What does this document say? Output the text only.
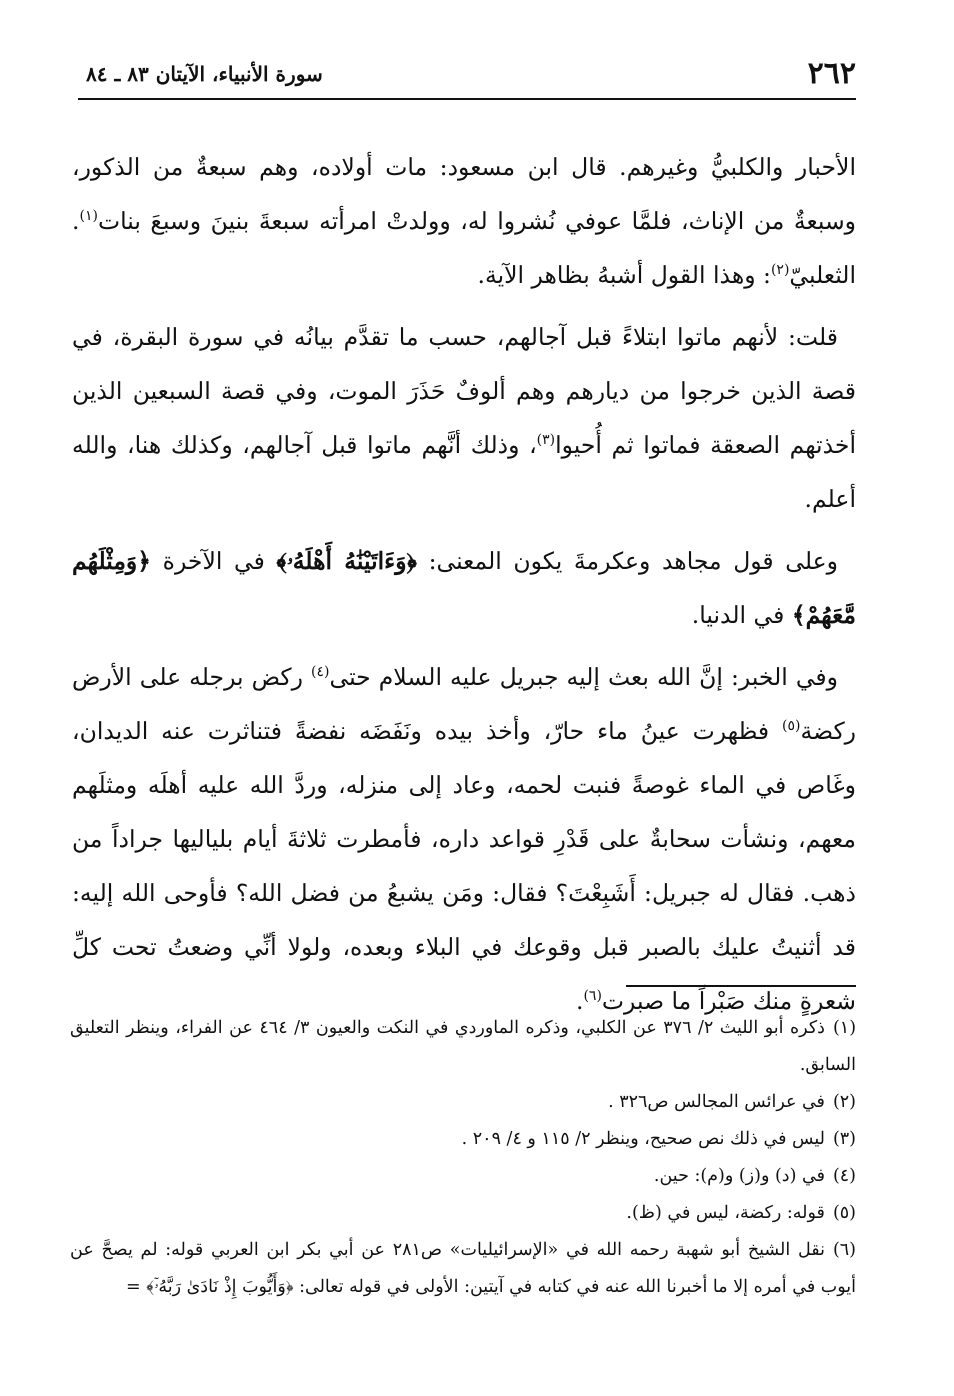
٢٦٢
سورة الأنبياء، الآيتان ٨٣ ـ ٨٤

الأحبار والكلبيُّ وغيرهم. قال ابن مسعود: مات أولاده، وهم سبعةٌ من الذكور، وسبعةٌ من الإناث، فلمَّا عوفي نُشروا له، وولدتْ امرأته سبعةَ بنينَ وسبعَ بنات$^{(١)}$. الثعلبيّ$^{(٢)}$: وهذا القول أشبهُ بظاهر الآية.

قلت: لأنهم ماتوا ابتلاءً قبل آجالهم، حسب ما تقدَّم بيانُه في سورة البقرة، في قصة الذين خرجوا من ديارهم وهم ألوفٌ حَذَرَ الموت، وفي قصة السبعين الذين أخذتهم الصعقة فماتوا ثم أُحيوا$^{(٣)}$، وذلك أنَّهم ماتوا قبل آجالهم، وكذلك هنا، والله أعلم.

وعلى قول مجاهد وعكرمةَ يكون المعنى: ﴿وَءَاتَيْنَٰهُ أَهْلَهُۥ﴾ في الآخرة ﴿وَمِثْلَهُم مَّعَهُمْ﴾ في الدنيا.

وفي الخبر: إنَّ الله بعث إليه جبريل عليه السلام حتى$^{(٤)}$ ركض برجله على الأرض ركضة$^{(٥)}$ فظهرت عينُ ماء حارّ، وأخذ بيده ونَفَضَه نفضةً فتناثرت عنه الديدان، وغَاص في الماء غوصةً فنبت لحمه، وعاد إلى منزله، وردَّ الله عليه أهلَه ومثلَهم معهم، ونشأت سحابةٌ على قَدْرِ قواعد داره، فأمطرت ثلاثةَ أيام بلياليها جراداً من ذهب. فقال له جبريل: أَشَبِعْتَ؟ فقال: ومَن يشبعُ من فضل الله؟ فأوحى الله إليه: قد أثنيتُ عليك بالصبر قبل وقوعك في البلاء وبعده، ولولا أنِّي وضعتُ تحت كلِّ شعرةٍ منك صَبْراً ما صبرت$^{(٦)}$.

(١)ذكره أبو الليث ٢/ ٣٧٦ عن الكلبي، وذكره الماوردي في النكت والعيون ٣/ ٤٦٤ عن الفراء، وينظر التعليق السابق.

(٢)في عرائس المجالس ص٣٢٦ .

(٣)ليس في ذلك نص صحيح، وينظر ٢/ ١١٥ و ٤/ ٢٠٩ .

(٤)في (د) و(ز) و(م): حين.

(٥)قوله: ركضة، ليس في (ظ).

(٦)نقل الشيخ أبو شهبة رحمه الله في «الإسرائيليات» ص٢٨١ عن أبي بكر ابن العربي قوله: لم يصحَّ عن أيوب في أمره إلا ما أخبرنا الله عنه في كتابه في آيتين: الأولى في قوله تعالى: ﴿وَأَيُّوبَ إِذْ نَادَىٰ رَبَّهُۥٓ﴾ =
